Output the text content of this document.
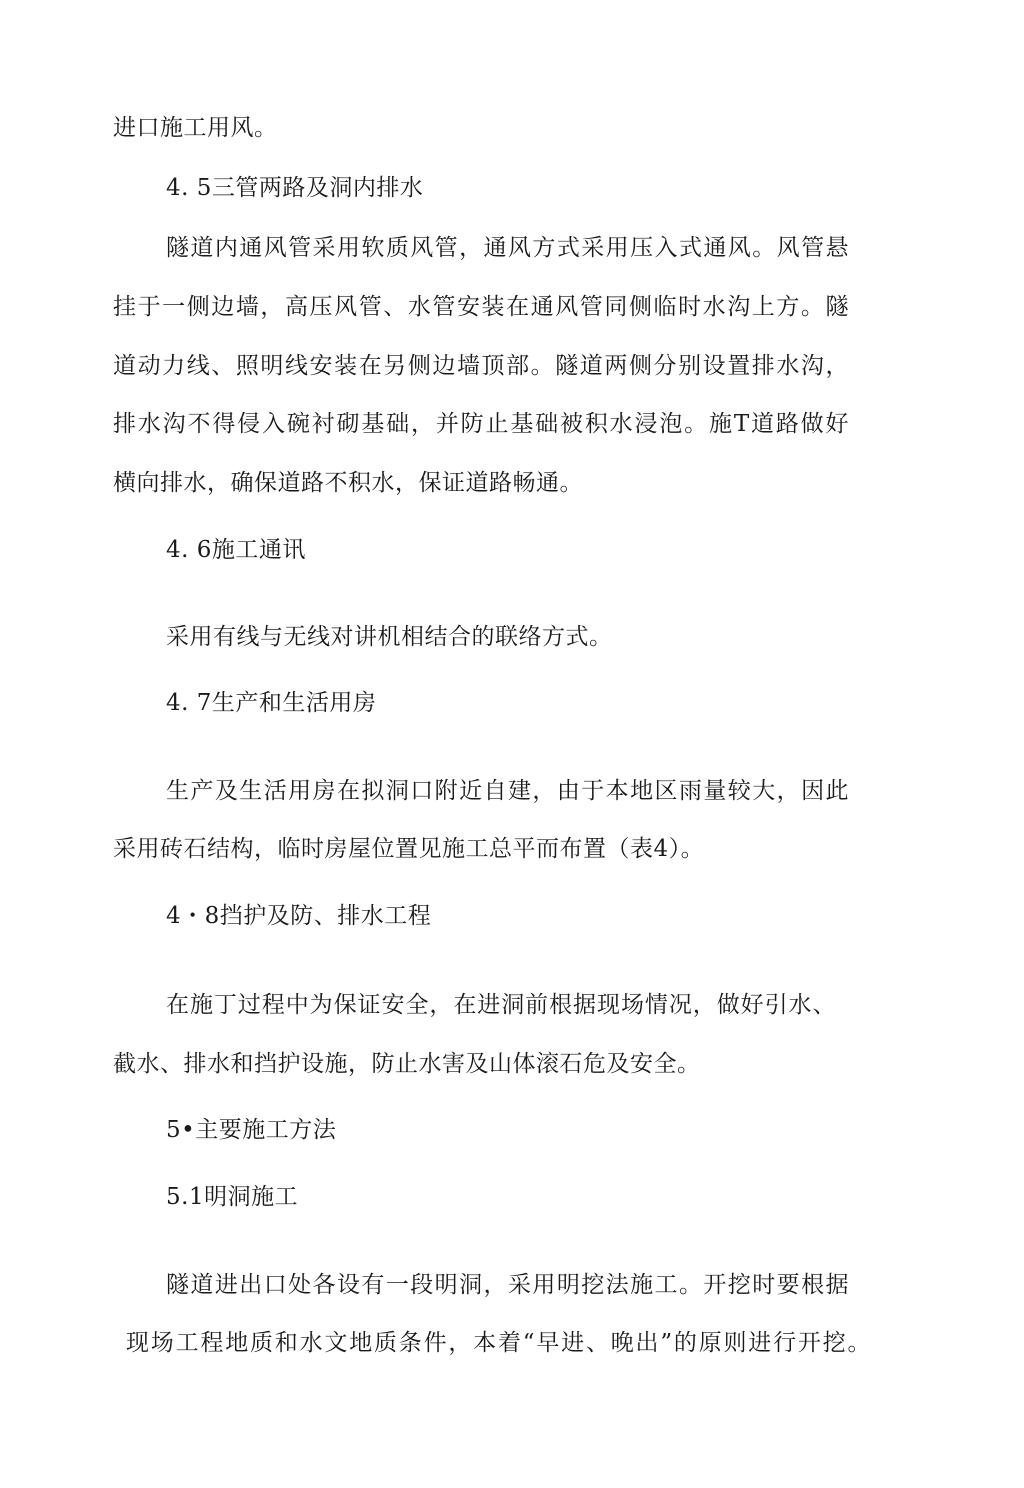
进口施工用风。
4. 5三管两路及洞内排水
隧道内通风管采用软质风管，通风方式采用压入式通风。风管悬
挂于一侧边墙，高压风管、水管安装在通风管同侧临时水沟上方。隧
道动力线、照明线安装在另侧边墙顶部。隧道两侧分别设置排水沟，
排水沟不得侵入碗衬砌基础，并防止基础被积水浸泡。施T道路做好
横向排水，确保道路不积水，保证道路畅通。
4. 6施工通讯
采用有线与无线对讲机相结合的联络方式。
4. 7生产和生活用房
生产及生活用房在拟洞口附近自建，由于本地区雨量较大，因此
采用砖石结构，临时房屋位置见施工总平而布置（表4）。
4・8挡护及防、排水工程
在施丁过程中为保证安全，在进洞前根据现场情况，做好引水、
截水、排水和挡护设施，防止水害及山体滚石危及安全。
5•主要施工方法
5.1明洞施工
隧道进出口处各设有一段明洞，采用明挖法施工。开挖时要根据
现场工程地质和水文地质条件，本着“早进、晚出”的原则进行开挖。
